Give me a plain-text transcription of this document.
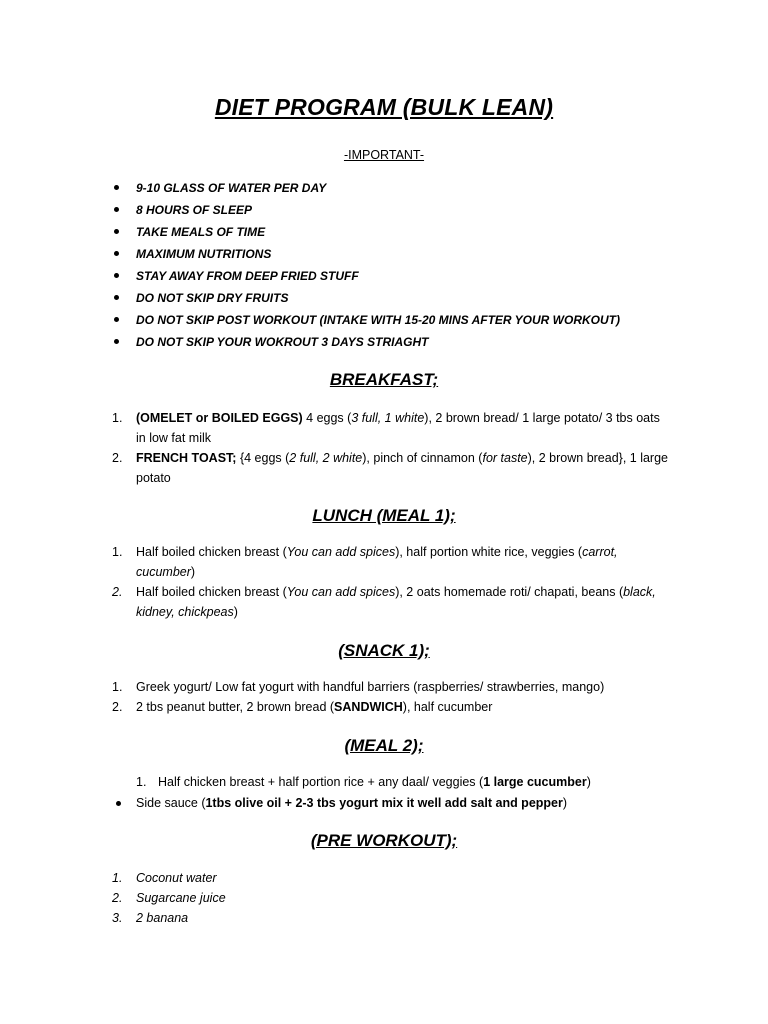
DIET PROGRAM (BULK LEAN)
-IMPORTANT-
9-10 GLASS OF WATER PER DAY
8 HOURS OF SLEEP
TAKE MEALS OF TIME
MAXIMUM NUTRITIONS
STAY AWAY FROM DEEP FRIED STUFF
DO NOT SKIP DRY FRUITS
DO NOT SKIP POST WORKOUT (INTAKE WITH 15-20 MINS AFTER YOUR WORKOUT)
DO NOT SKIP YOUR WOKROUT 3 DAYS STRIAGHT
BREAKFAST;
1. (OMELET or BOILED EGGS) 4 eggs (3 full, 1 white), 2 brown bread/ 1 large potato/ 3 tbs oats in low fat milk
2. FRENCH TOAST; {4 eggs (2 full, 2 white), pinch of cinnamon (for taste), 2 brown bread}, 1 large potato
LUNCH (MEAL 1);
1. Half boiled chicken breast (You can add spices), half portion white rice, veggies (carrot, cucumber)
2. Half boiled chicken breast (You can add spices), 2 oats homemade roti/ chapati, beans (black, kidney, chickpeas)
(SNACK 1);
1. Greek yogurt/ Low fat yogurt with handful barriers (raspberries/ strawberries, mango)
2. 2 tbs peanut butter, 2 brown bread (SANDWICH), half cucumber
(MEAL 2);
1. Half chicken breast + half portion rice + any daal/ veggies (1 large cucumber)
Side sauce (1tbs olive oil + 2-3 tbs yogurt mix it well add salt and pepper)
(PRE WORKOUT);
1. Coconut water
2. Sugarcane juice
3. 2 banana
